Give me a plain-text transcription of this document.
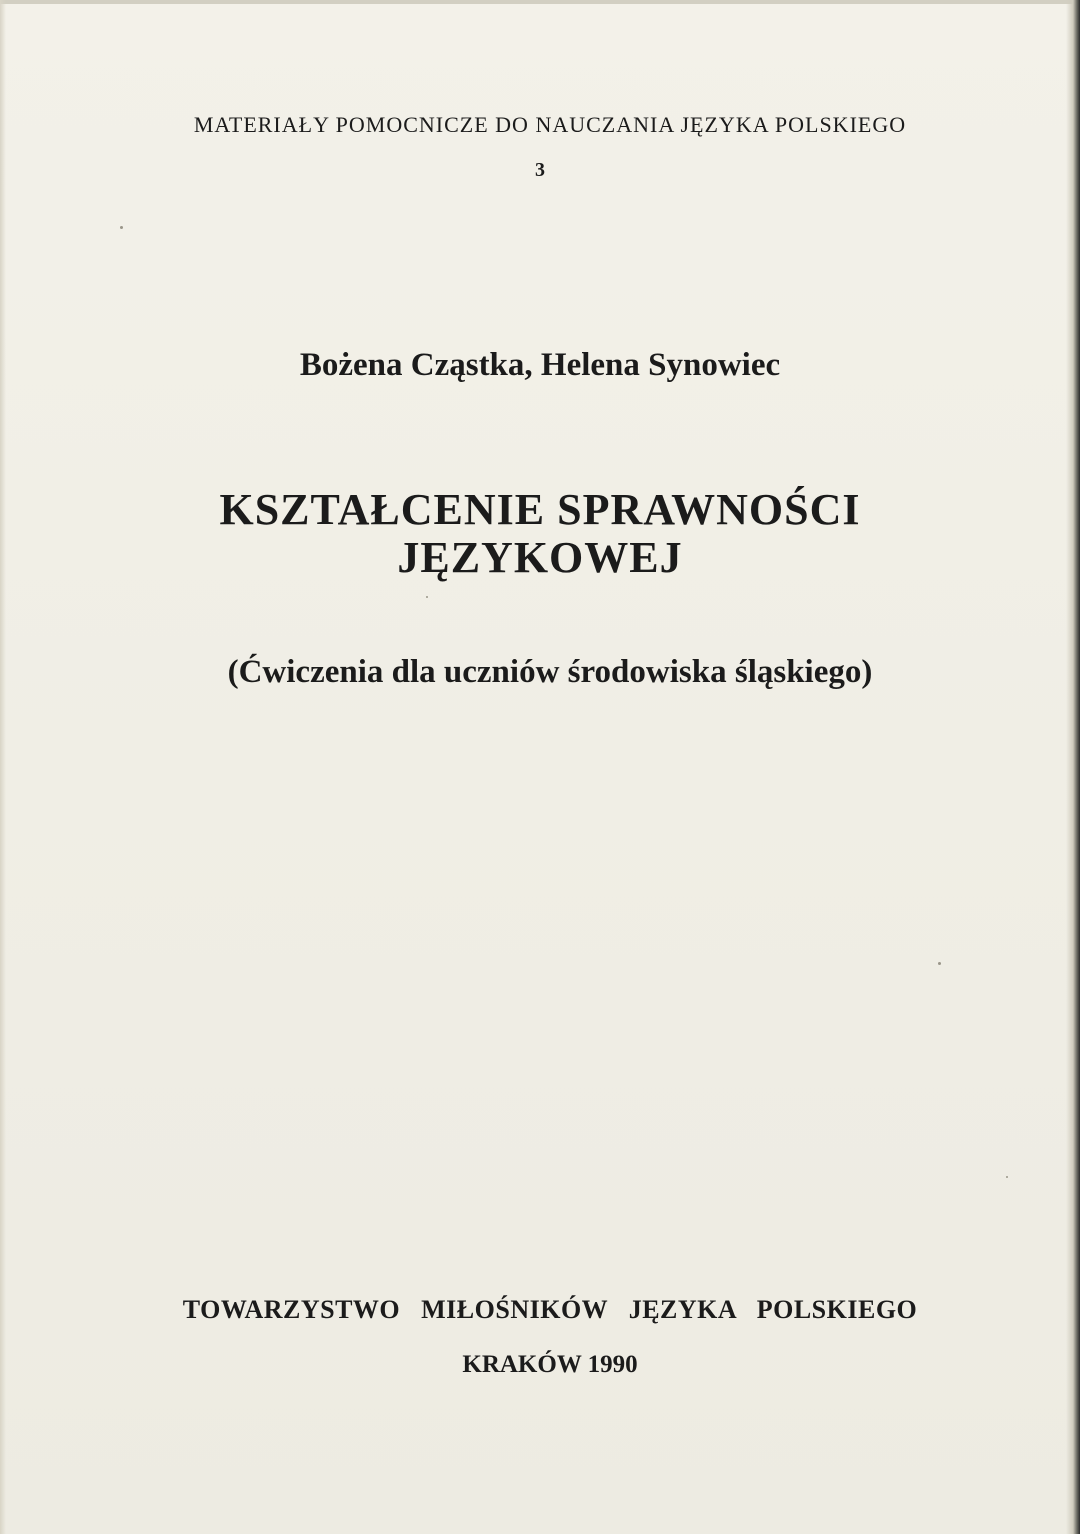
MATERIAŁY POMOCNICZE DO NAUCZANIA JĘZYKA POLSKIEGO
3
Bożena Cząstka, Helena Synowiec
KSZTAŁCENIE SPRAWNOŚCI
JĘZYKOWEJ
(Ćwiczenia dla uczniów środowiska śląskiego)
TOWARZYSTWO MIŁOŚNIKÓW JĘZYKA POLSKIEGO
KRAKÓW 1990
